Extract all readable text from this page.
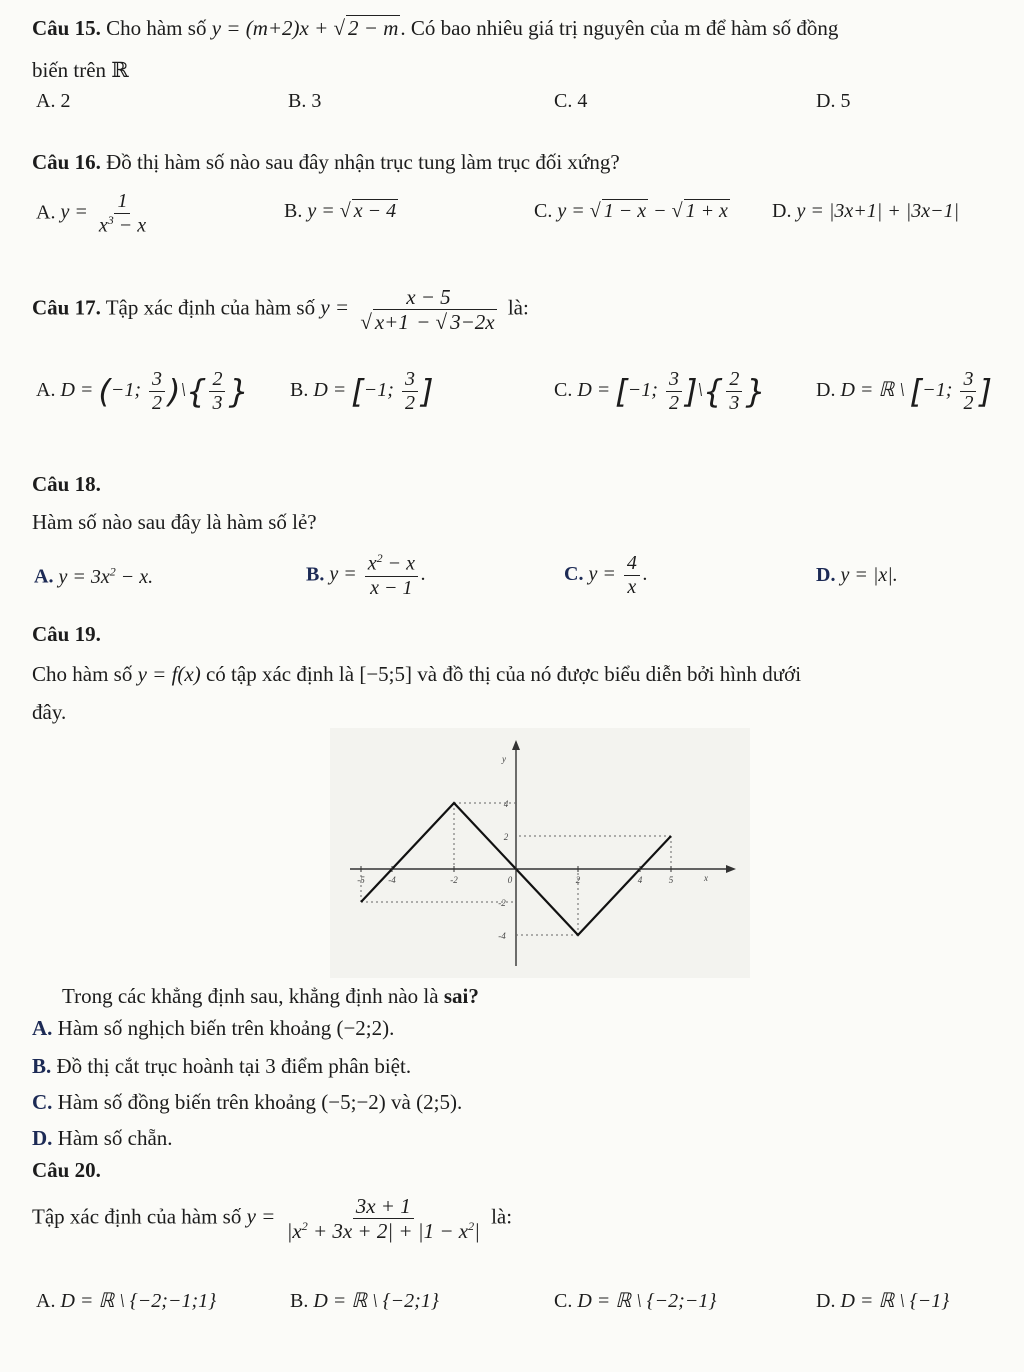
Câu 15. Cho hàm số y = (m+2)x + √ 2 − m. Có bao nhiêu giá trị nguyên của m để hàm số đồng
biến trên ℝ
A. 2	B. 3	C. 4	D. 5
Câu 16. Đồ thị hàm số nào sau đây nhận trục tung làm trục đối xứng?
A. $y = \frac{1}{x^3 - x}$	B. y = √ x − 4	C. y = √ 1 − x − √ 1 + x D. y = |3x+1| + |3x−1|
Câu 17. Tập xác định của hàm số $y = \frac{x - 5}{√ x+1 - √ 3-2x}$ là:
A. D = (−1; $\frac{3}{2}$ )\{ $\frac{2}{3}$ } B. D = [−1; $\frac{3}{2}$ ]	C. D = [−1; $\frac{3}{2}$ ]\{ $\frac{2}{3}$ }	D. D = ℝ \ [−1; $\frac{3}{2}$ ]
Câu 18.
Hàm số nào sau đây là hàm số lẻ?
A. $y = 3x^2 - x$.	B. $y = \frac{x^2 - x}{x - 1}$ .	C. $y = \frac{4}{x}$ .	D. y = |x|.
Câu 19.
Cho hàm số y = f(x) có tập xác định là [−5;5] và đồ thị của nó được biểu diễn bởi hình dưới
đây.
-5	-4	-2	0	2	4	5	x
y
2
4
-2
-4
Trong các khẳng định sau, khẳng định nào là sai?
A. Hàm số nghịch biến trên khoảng (−2;2).
B. Đồ thị cắt trục hoành tại 3 điểm phân biệt.
C. Hàm số đồng biến trên khoảng (−5;−2) và (2;5).
D. Hàm số chẵn.
Câu 20.
Tập xác định của hàm số $y = \frac{3x + 1}{|x^2 + 3x + 2| + |1 - x^2|}$ là:
A. D = ℝ \ {−2;−1;1}	B. D = ℝ \ {−2;1}	C. D = ℝ \ {−2;−1}	D. D = ℝ \ {−1}
